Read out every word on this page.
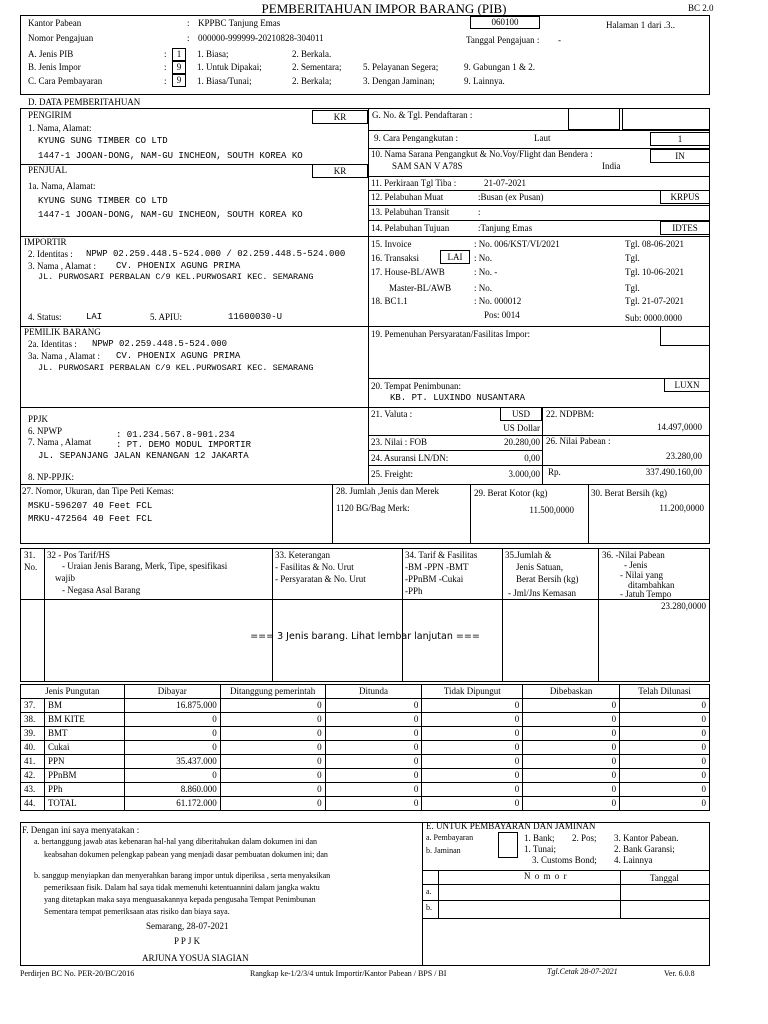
PEMBERITAHUAN IMPOR BARANG (PIB)	BC 2.0
Kantor Pabean	: KPPBC Tanjung Emas	060100	Halaman 1 dari .3..
Nomor Pengajuan	: 000000-999999-20210828-304011	Tanggal Pengajuan : -
A. Jenis PIB	:	1	1. Biasa;	2. Berkala.
B. Jenis Impor	:	9	1. Untuk Dipakai;	2. Sementara; 5. Pelayanan Segera;	9. Gabungan 1 & 2.
C. Cara Pembayaran	:	9	1. Biasa/Tunai;	2. Berkala;	3. Dengan Jaminan;	9. Lainnya.
D. DATA PEMBERITAHUAN
PENGIRIM	KR
1. Nama, Alamat:
KYUNG SUNG TIMBER CO LTD
1447-1 JOOAN-DONG, NAM-GU INCHEON, SOUTH KOREA KO
PENJUAL	KR
1a. Nama, Alamat:
KYUNG SUNG TIMBER CO LTD
1447-1 JOOAN-DONG, NAM-GU INCHEON, SOUTH KOREA KO
IMPORTIR
2. Identitas : NPWP 02.259.448.5-524.000 / 02.259.448.5-524.000
3. Nama , Alamat : CV. PHOENIX AGUNG PRIMA
JL. PURWOSARI PERBALAN C/9 KEL.PURWOSARI KEC. SEMARANG
4. Status:	LAI	5. APIU:	11600030-U
PEMILIK BARANG
2a. Identitas : NPWP 02.259.448.5-524.000
3a. Nama , Alamat : CV. PHOENIX AGUNG PRIMA
JL. PURWOSARI PERBALAN C/9 KEL.PURWOSARI KEC. SEMARANG
PPJK
6. NPWP	: 01.234.567.8-901.234
7. Nama , Alamat	: PT. DEMO MODUL IMPORTIR
JL. SEPANJANG JALAN KENANGAN 12 JAKARTA
8. NP-PPJK:
G. No. & Tgl. Pendaftaran :
9. Cara Pengangkutan :	Laut	1
10. Nama Sarana Pengangkut & No.Voy/Flight dan Bendera :
SAM SAN V A78S	India
IN
11. Perkiraan Tgl Tiba :	21-07-2021
12. Pelabuhan Muat	:Busan (ex Pusan)	KRPUS
13. Pelabuhan Transit	:
14. Pelabuhan Tujuan	:Tanjung Emas	IDTES
15. Invoice	: No. 006/KST/VI/2021	Tgl. 08-06-2021
16. Transaksi	LAI	: No.	Tgl.
17. House-BL/AWB	: No. -	Tgl. 10-06-2021
Master-BL/AWB	: No.	Tgl.
18. BC1.1	: No. 000012	Tgl. 21-07-2021
Pos: 0014	Sub: 0000.0000
19. Pemenuhan Persyaratan/Fasilitas Impor:
20. Tempat Penimbunan:	LUXN
KB. PT. LUXINDO NUSANTARA
21. Valuta :	USD
US Dollar
22. NDPBM:
14.497,0000
23. Nilai : FOB	20.280,00 26. Nilai Pabean :
23.280,00
24. Asuransi LN/DN:	0,00
25. Freight:	3.000,00 Rp.	337.490.160,00
27. Nomor, Ukuran, dan Tipe Peti Kemas:
MSKU-596207 40 Feet FCL
MRKU-472564 40 Feet FCL
28. Jumlah ,Jenis dan Merek
1120 BG/Bag Merk:
29. Berat Kotor (kg)
11.500,0000
30. Berat Bersih (kg)
11.200,0000
31.
No.
32 - Pos Tarif/HS
- Uraian Jenis Barang, Merk, Tipe, spesifikasi
wajib
- Negasa Asal Barang
33. Keterangan
- Fasilitas & No. Urut
- Persyaratan & No. Urut
34. Tarif & Fasilitas
-BM -PPN -BMT
-PPnBM -Cukai
-PPh
35.Jumlah &
Jenis Satuan,
Berat Bersih (kg)
- Jml/Jns Kemasan
36. -Nilai Pabean
- Jenis
- Nilai yang
ditambahkan
- Jatuh Tempo
23.280,0000
=== 3 Jenis barang. Lihat lembar lanjutan ===
Jenis Pungutan		Dibayar	Ditanggung pemerintah	Ditunda	Tidak Dipungut	Dibebaskan	Telah Dilunasi
37.	BM	16.875.000	0	0	0	0	0
38.	BM KITE	0	0	0	0	0	0
39.	BMT	0	0	0	0	0	0
40.	Cukai	0	0	0	0	0	0
41.	PPN	35.437.000	0	0	0	0	0
42.	PPnBM	0	0	0	0	0	0
43.	PPh	8.860.000	0	0	0	0	0
44.	TOTAL	61.172.000	0	0	0	0	0
F. Dengan ini saya menyatakan :
a. bertanggung jawab atas kebenaran hal-hal yang diberitahukan dalam dokumen ini dan
keabsahan dokumen pelengkap pabean yang menjadi dasar pembuatan dokumen ini; dan
b. sanggup menyiapkan dan menyerahkan barang impor untuk diperiksa , serta menyaksikan
pemeriksaan fisik. Dalam hal saya tidak memenuhi ketentuannini dalam jangka waktu
yang ditetapkan maka saya menguasakannya kepada pengusaha Tempat Penimbunan
Sementara tempat pemeriksaan atas risiko dan biaya saya.
Semarang, 28-07-2021
P P J K
ARJUNA YOSUA SIAGIAN
E. UNTUK PEMBAYARAN DAN JAMINAN
a. Pembayaran
b. Jaminan
1. Bank; 2. Pos; 3. Kantor Pabean.
1. Tunai;	2. Bank Garansi;
3. Customs Bond; 4. Lainnya
N o m o r	Tanggal
a.
b.
Perdirjen BC No. PER-20/BC/2016	Rangkap ke-1/2/3/4 untuk Importir/Kantor Pabean / BPS / BI	Tgl.Cetak 28-07-2021	Ver. 6.0.8
